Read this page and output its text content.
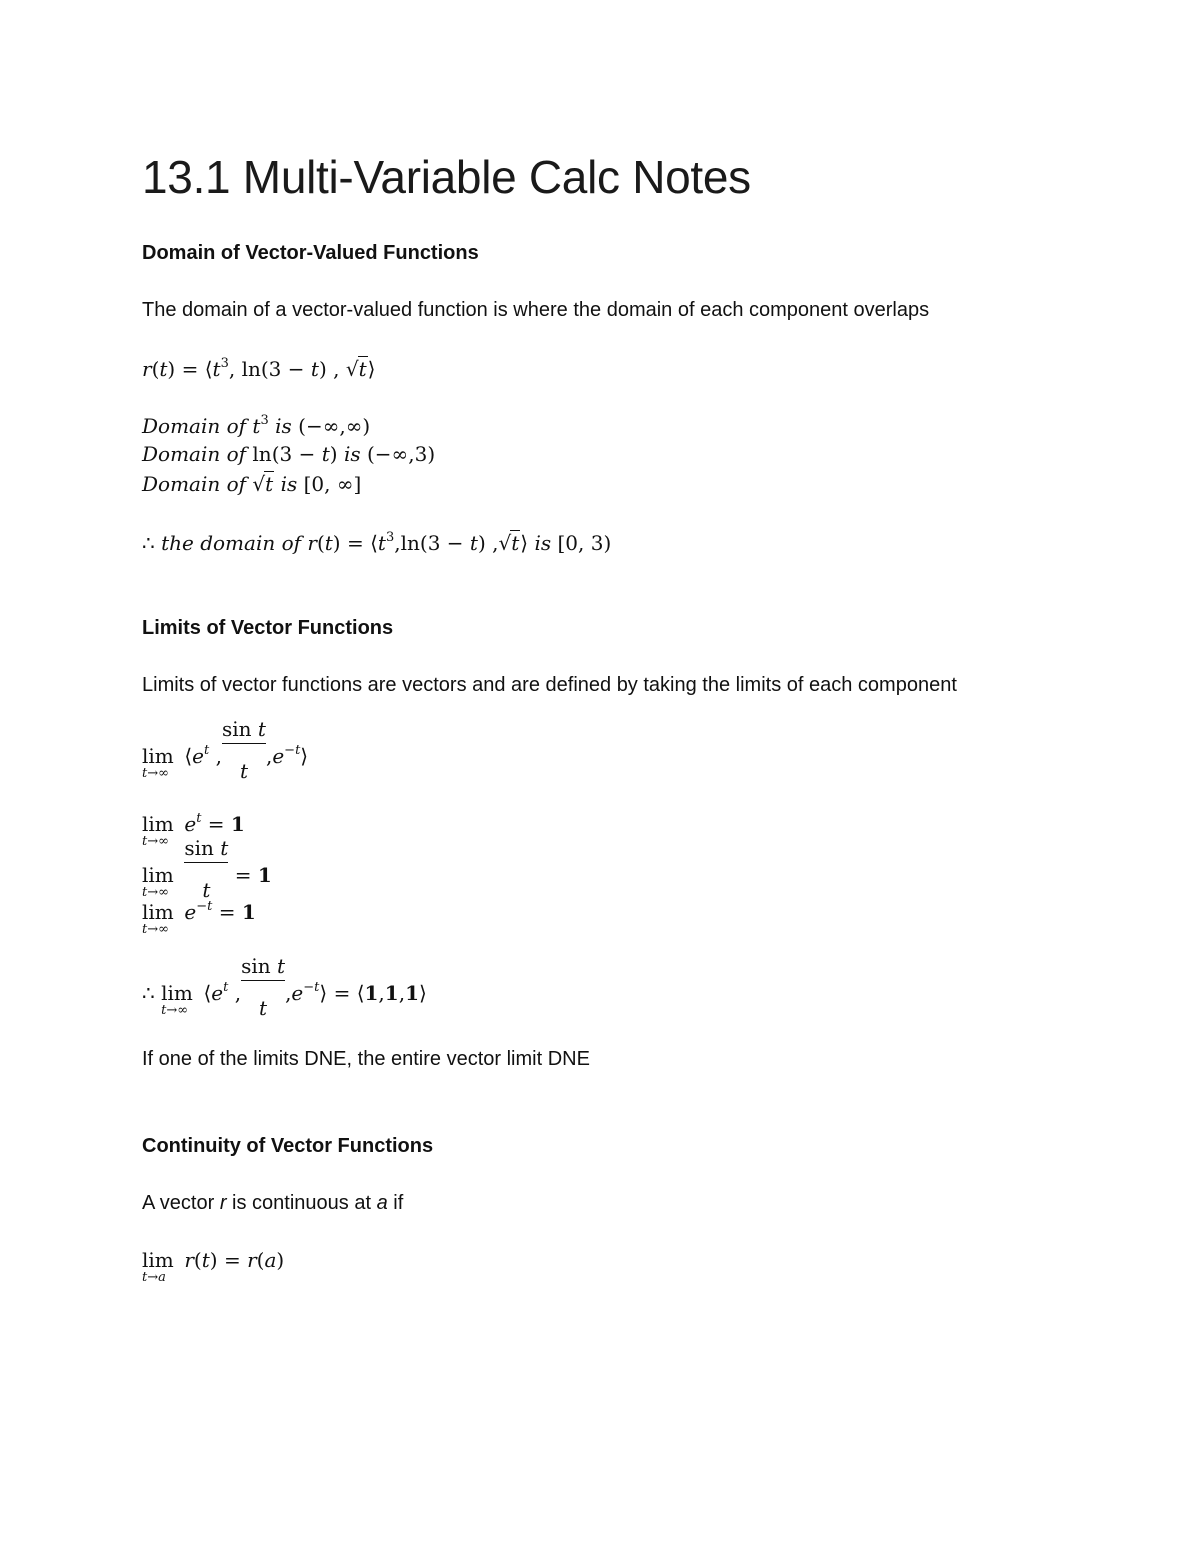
13.1 Multi-Variable Calc Notes
Domain of Vector-Valued Functions
The domain of a vector-valued function is where the domain of each component overlaps
$r(t) = ⟨t^3$, ln(3 − t) , √t⟩
Domain of $t^3$ is (−∞,∞)
Domain of ln(3 − t) is (−∞,3)
Domain of √t is [0, ∞]
∴ the domain of $r(t) = ⟨t^3,\ln(3 - t)$ ,√t⟩ is [0, 3)
Limits of Vector Functions
Limits of vector functions are vectors and are defined by taking the limits of each component
lim
t→∞
$⟨e^t$ ,
sin t

t
$,e^{-t}⟩$
lim
t→∞
$e^t = 1$
lim
t→∞

sin t

t
= 1
lim
t→∞
$e^{-t} = 1$
∴ lim
t→∞
$⟨e^t$ ,
sin t

t
$,e^{-t}⟩$ = ⟨1,1,1⟩
If one of the limits DNE, the entire vector limit DNE
Continuity of Vector Functions
A vector r is continuous at a if
lim
t→a
r(t) = r(a)
